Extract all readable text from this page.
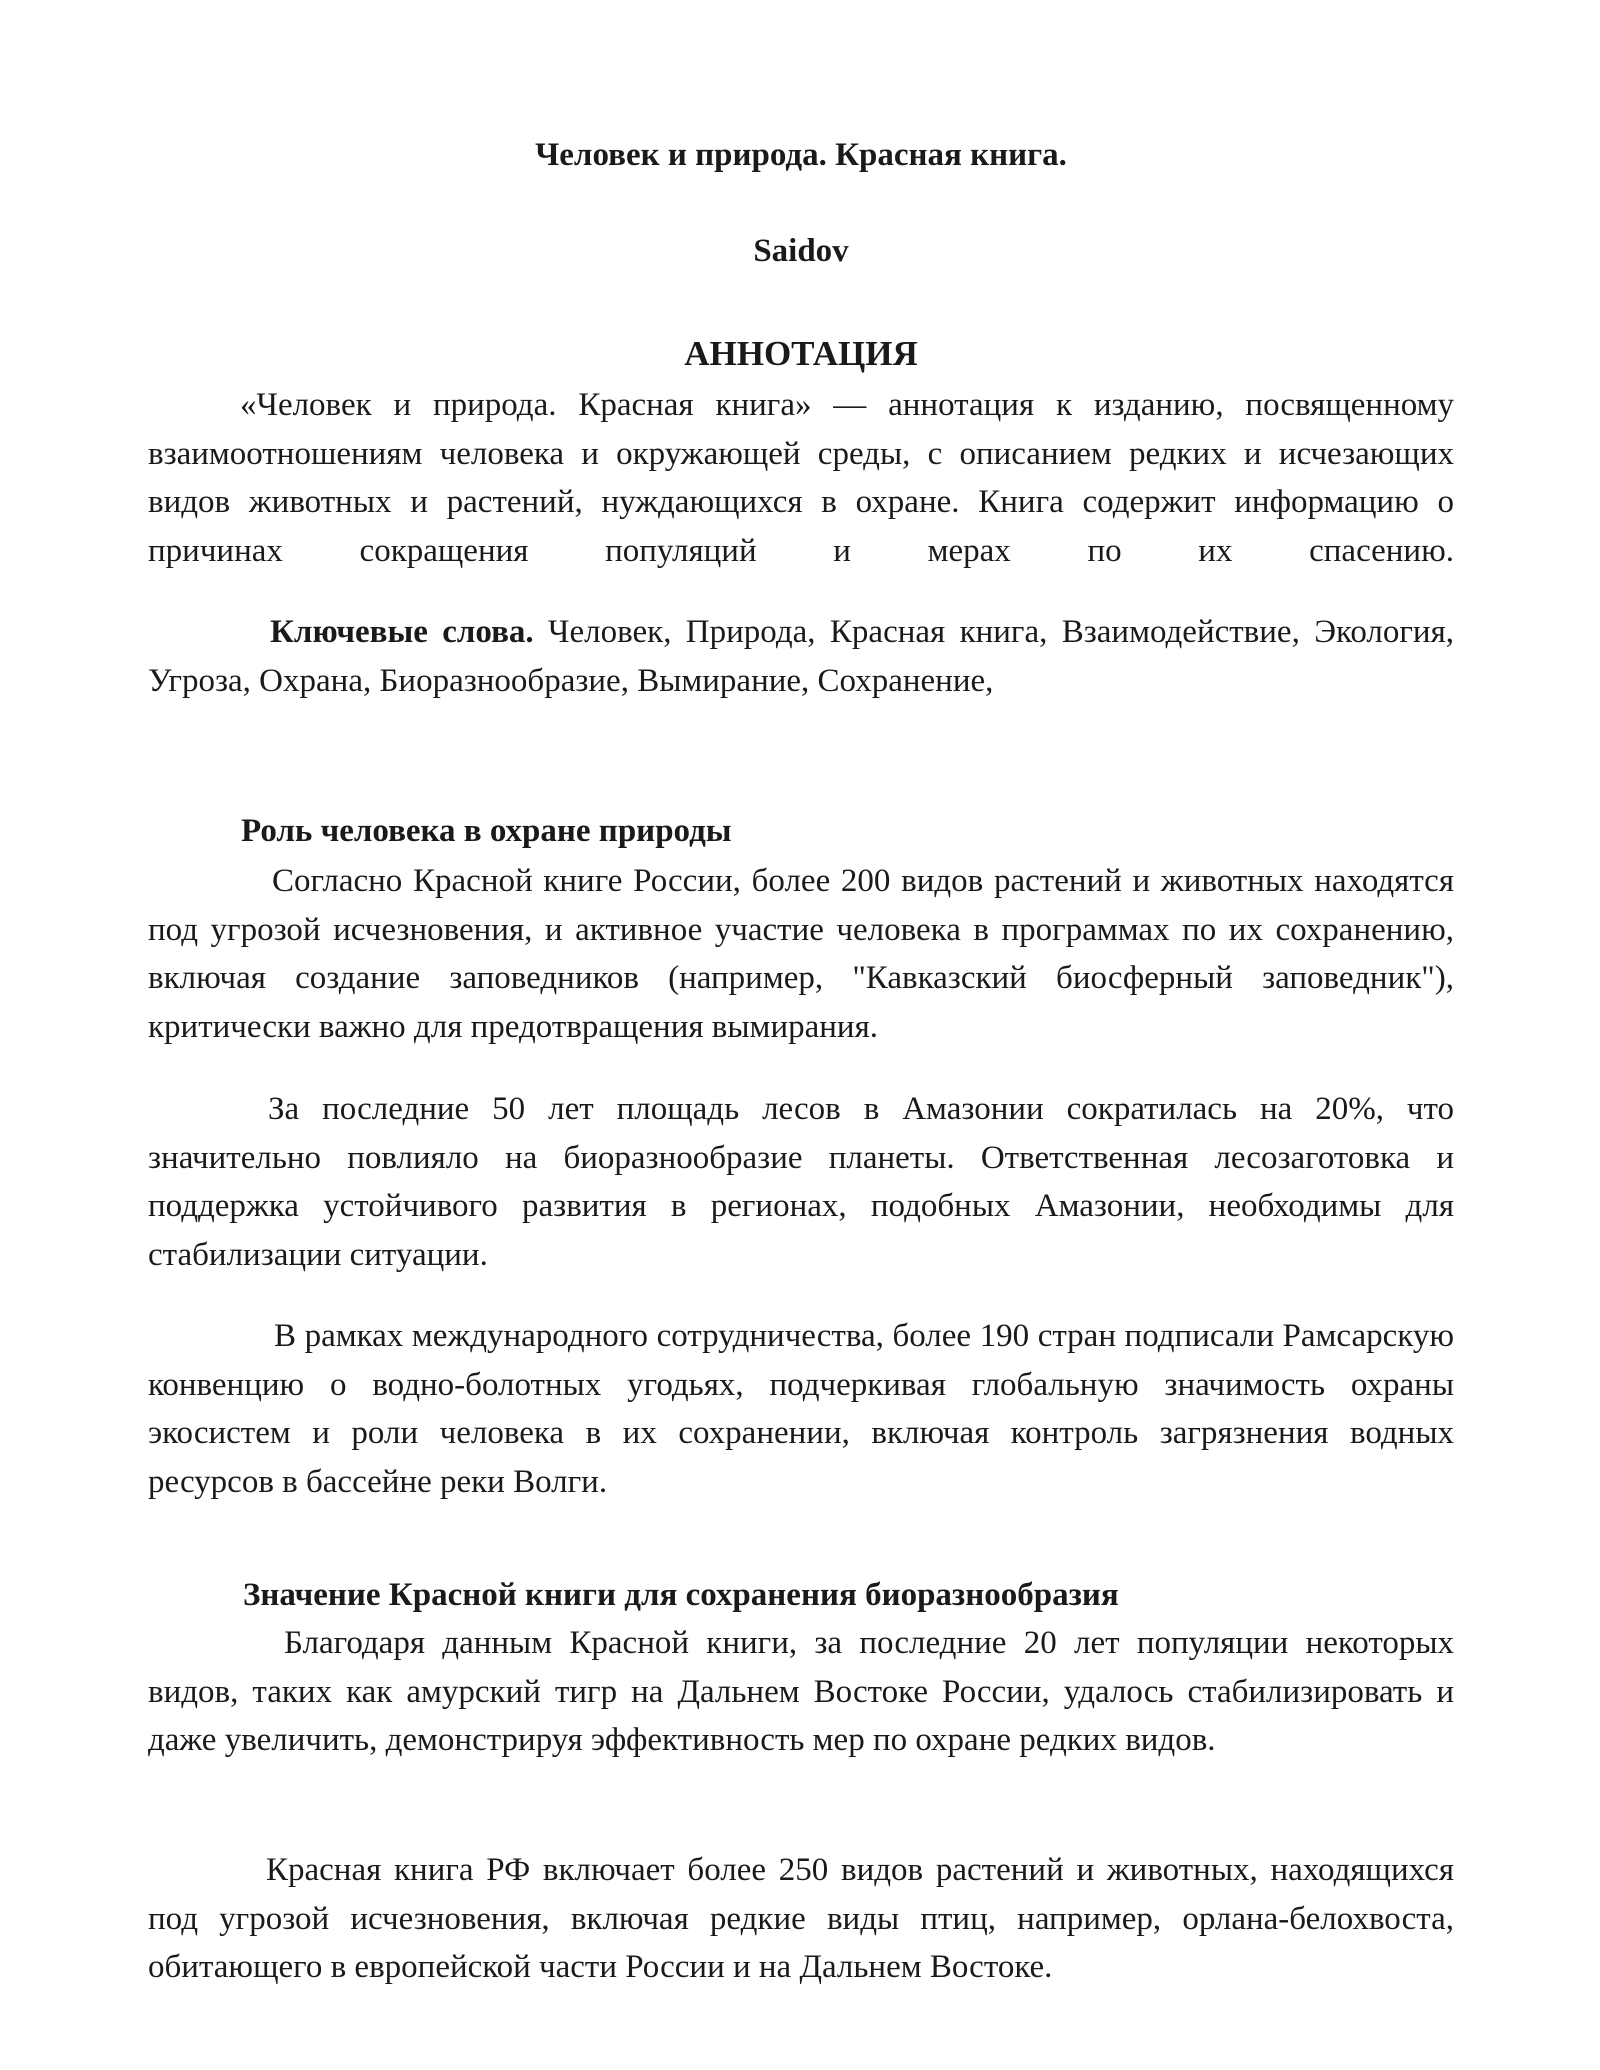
Человек и природа. Красная книга.
Saidov
АННОТАЦИЯ

«Человек и природа. Красная книга» — аннотация к изданию, посвященному взаимоотношениям человека и окружающей среды, с описанием редких и исчезающих видов животных и растений, нуждающихся в охране. Книга содержит информацию о причинах сокращения популяций и мерах по их спасению.

Ключевые слова. Человек, Природа, Красная книга, Взаимодействие, Экология, Угроза, Охрана, Биоразнообразие, Вымирание, Сохранение,

Роль человека в охране природы

Согласно Красной книге России, более 200 видов растений и животных находятся под угрозой исчезновения, и активное участие человека в программах по их сохранению, включая создание заповедников (например, "Кавказский биосферный заповедник"), критически важно для предотвращения вымирания.

За последние 50 лет площадь лесов в Амазонии сократилась на 20%, что значительно повлияло на биоразнообразие планеты. Ответственная лесозаготовка и поддержка устойчивого развития в регионах, подобных Амазонии, необходимы для стабилизации ситуации.

В рамках международного сотрудничества, более 190 стран подписали Рамсарскую конвенцию о водно-болотных угодьях, подчеркивая глобальную значимость охраны экосистем и роли человека в их сохранении, включая контроль загрязнения водных ресурсов в бассейне реки Волги.

Значение Красной книги для сохранения биоразнообразия

Благодаря данным Красной книги, за последние 20 лет популяции некоторых видов, таких как амурский тигр на Дальнем Востоке России, удалось стабилизировать и даже увеличить, демонстрируя эффективность мер по охране редких видов.

Красная книга РФ включает более 250 видов растений и животных, находящихся под угрозой исчезновения, включая редкие виды птиц, например, орлана-белохвоста, обитающего в европейской части России и на Дальнем Востоке.
